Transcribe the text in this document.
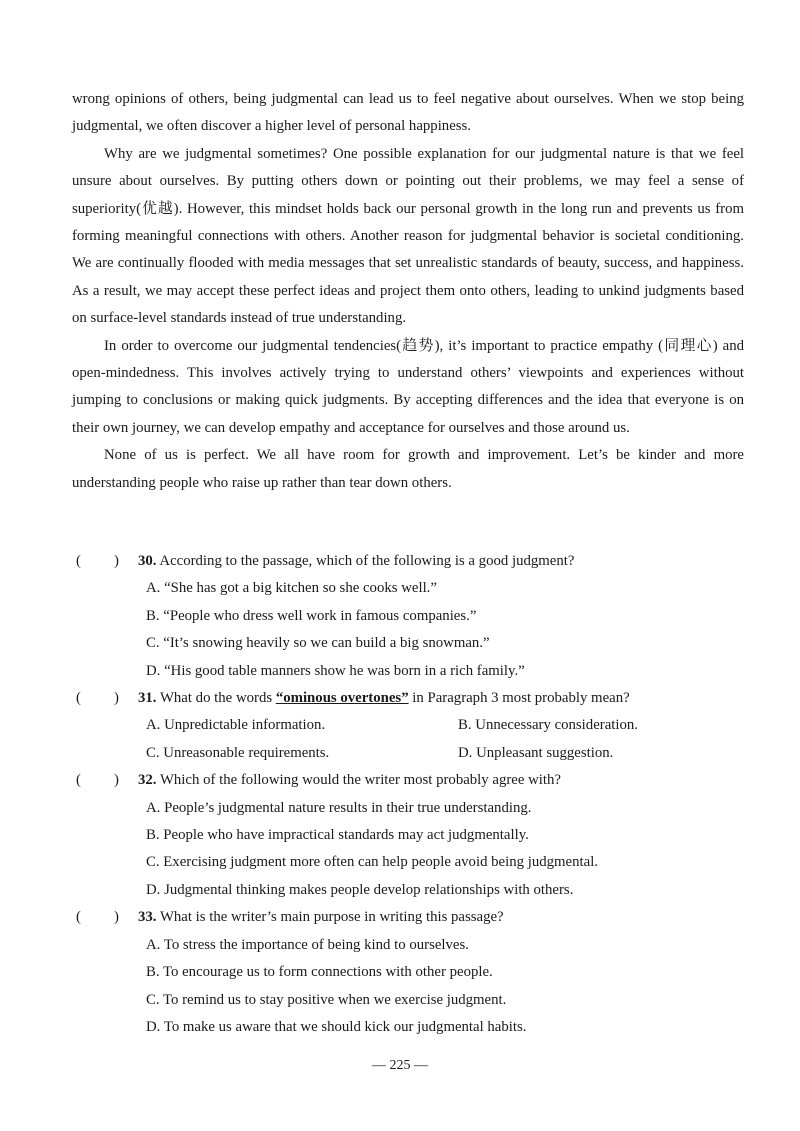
wrong opinions of others, being judgmental can lead us to feel negative about ourselves. When we stop being judgmental, we often discover a higher level of personal happiness.

Why are we judgmental sometimes? One possible explanation for our judgmental nature is that we feel unsure about ourselves. By putting others down or pointing out their problems, we may feel a sense of superiority(优越). However, this mindset holds back our personal growth in the long run and prevents us from forming meaningful connections with others. Another reason for judgmental behavior is societal conditioning. We are continually flooded with media messages that set unrealistic standards of beauty, success, and happiness. As a result, we may accept these perfect ideas and project them onto others, leading to unkind judgments based on surface-level standards instead of true understanding.

In order to overcome our judgmental tendencies(趋势), it’s important to practice empathy (同理心) and open-mindedness. This involves actively trying to understand others’ viewpoints and experiences without jumping to conclusions or making quick judgments. By accepting differences and the idea that everyone is on their own journey, we can develop empathy and acceptance for ourselves and those around us.

None of us is perfect. We all have room for growth and improvement. Let’s be kinder and more understanding people who raise up rather than tear down others.

( ) 30. According to the passage, which of the following is a good judgment?

A. “She has got a big kitchen so she cooks well.”

B. “People who dress well work in famous companies.”

C. “It’s snowing heavily so we can build a big snowman.”

D. “His good table manners show he was born in a rich family.”

( ) 31. What do the words “ominous overtones” in Paragraph 3 most probably mean?

A. Unpredictable information.	B. Unnecessary consideration.

C. Unreasonable requirements.	D. Unpleasant suggestion.

( ) 32. Which of the following would the writer most probably agree with?

A. People’s judgmental nature results in their true understanding.

B. People who have impractical standards may act judgmentally.

C. Exercising judgment more often can help people avoid being judgmental.

D. Judgmental thinking makes people develop relationships with others.

( ) 33. What is the writer’s main purpose in writing this passage?

A. To stress the importance of being kind to ourselves.

B. To encourage us to form connections with other people.

C. To remind us to stay positive when we exercise judgment.

D. To make us aware that we should kick our judgmental habits.

— 225 —
